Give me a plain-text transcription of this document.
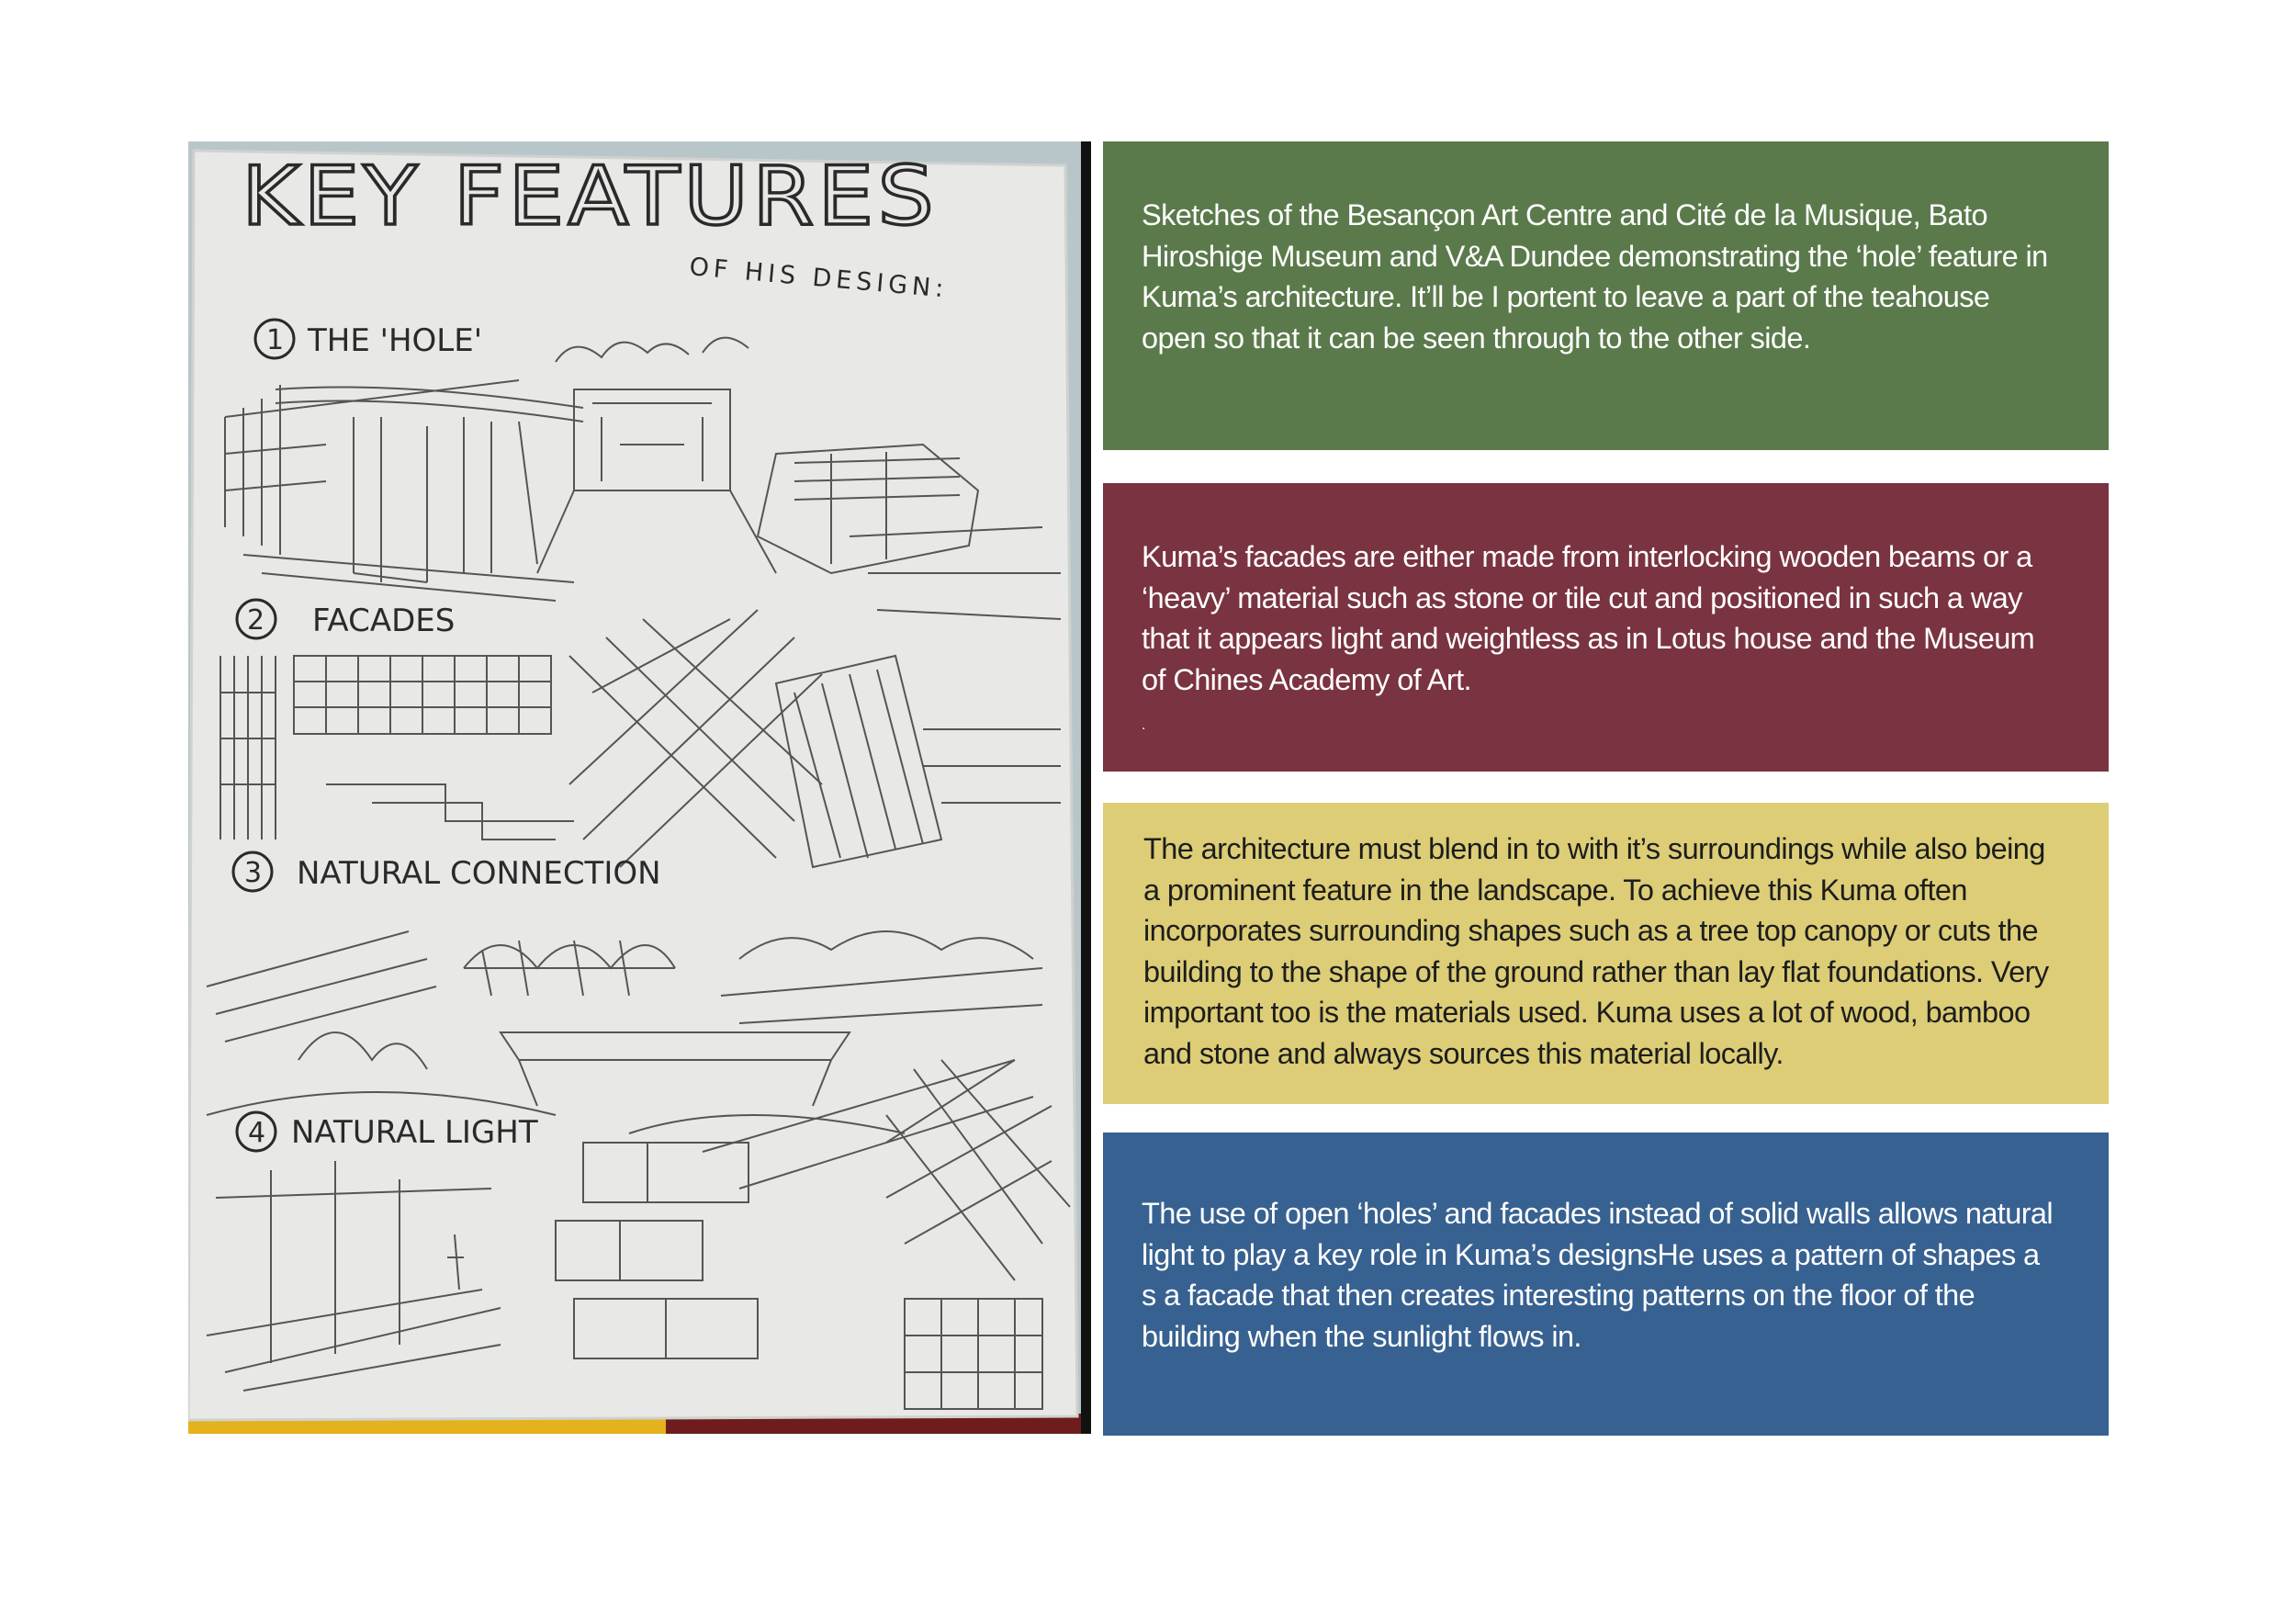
KEY FEATURES
OF HIS DESIGN:
1 THE 'HOLE'
2 FACADES
3 NATURAL CONNECTION
4 NATURAL LIGHT

Sketches of the Besançon Art Centre and Cité de la Musique, Bato Hiroshige Museum and V&A Dundee demonstrating the ‘hole’ feature in Kuma’s architecture. It’ll be I portent to leave a part of the teahouse open so that it can be seen through to the other side.

Kuma’s facades are either made from interlocking wooden beams or a ‘heavy’ material such as stone or tile cut and positioned in such a way that it appears light and weightless as in Lotus house and the Museum of Chines Academy of Art.

.

The architecture must blend in to with it’s surroundings while also being a prominent feature in the landscape. To achieve this Kuma often incorporates surrounding shapes such as a tree top canopy or cuts the building to the shape of the ground rather than lay flat foundations. Very important too is the materials used. Kuma uses a lot of wood, bamboo and stone and always sources this material locally.

The use of open ‘holes’ and facades instead of solid walls allows natural light to play a key role in Kuma’s designsHe uses a pattern of shapes a s a facade that then creates interesting patterns on the floor of the building when the sunlight flows in.
